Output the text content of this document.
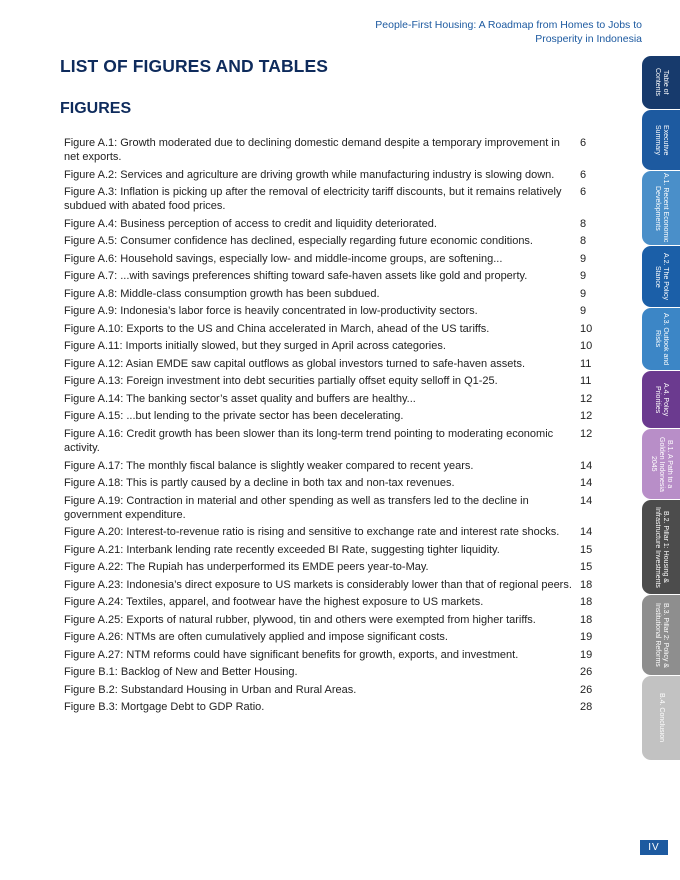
People-First Housing: A Roadmap from Homes to Jobs to Prosperity in Indonesia
LIST OF FIGURES AND TABLES
FIGURES
Figure A.1: Growth moderated due to declining domestic demand despite a temporary improvement in net exports.
6
Figure A.2: Services and agriculture are driving growth while manufacturing industry is slowing down.	6
Figure A.3: Inflation is picking up after the removal of electricity tariff discounts, but it remains relatively subdued with abated food prices.
6
Figure A.4: Business perception of access to credit and liquidity deteriorated.	8
Figure A.5: Consumer confidence has declined, especially regarding future economic conditions.	8
Figure A.6: Household savings, especially low- and middle-income groups, are softening...	9
Figure A.7: ...with savings preferences shifting toward safe-haven assets like gold and property.	9
Figure A.8: Middle-class consumption growth has been subdued.	9
Figure A.9: Indonesia’s labor force is heavily concentrated in low-productivity sectors.	9
Figure A.10: Exports to the US and China accelerated in March, ahead of the US tariffs.	10
Figure A.11: Imports initially slowed, but they surged in April across categories.	10
Figure A.12: Asian EMDE saw capital outflows as global investors turned to safe-haven assets.	11
Figure A.13: Foreign investment into debt securities partially offset equity selloff in Q1-25.	11
Figure A.14: The banking sector’s asset quality and buffers are healthy...	12
Figure A.15: ...but lending to the private sector has been decelerating.	12
Figure A.16: Credit growth has been slower than its long-term trend pointing to moderating economic activity.
12
Figure A.17: The monthly fiscal balance is slightly weaker compared to recent years.	14
Figure A.18: This is partly caused by a decline in both tax and non-tax revenues.	14
Figure A.19: Contraction in material and other spending as well as transfers led to the decline in government expenditure.
14
Figure A.20: Interest-to-revenue ratio is rising and sensitive to exchange rate and interest rate shocks.	14
Figure A.21: Interbank lending rate recently exceeded BI Rate, suggesting tighter liquidity.	15
Figure A.22: The Rupiah has underperformed its EMDE peers year-to-May.	15
Figure A.23: Indonesia’s direct exposure to US markets is considerably lower than that of regional peers. 18
Figure A.24: Textiles, apparel, and footwear have the highest exposure to US markets.	18
Figure A.25: Exports of natural rubber, plywood, tin and others were exempted from higher tariffs.	18
Figure A.26: NTMs are often cumulatively applied and impose significant costs.	19
Figure A.27: NTM reforms could have significant benefits for growth, exports, and investment.	19
Figure B.1: Backlog of New and Better Housing.	26
Figure B.2: Substandard Housing in Urban and Rural Areas.	26
Figure B.3: Mortgage Debt to GDP Ratio.	28
Table of Contents
Executive Summary
A.1. Recent Economic Developments
A.2. The Policy Stance
A.3. Outlook and Risks
A.4. Policy Priorities
B.1. A Path to a Golden Indonesia 2045
B.2. Pillar 1: Housing & Infrastructure Investments
B.3. Pillar 2: Policy & Institutional Reforms
B.4. Conclusion
IV
